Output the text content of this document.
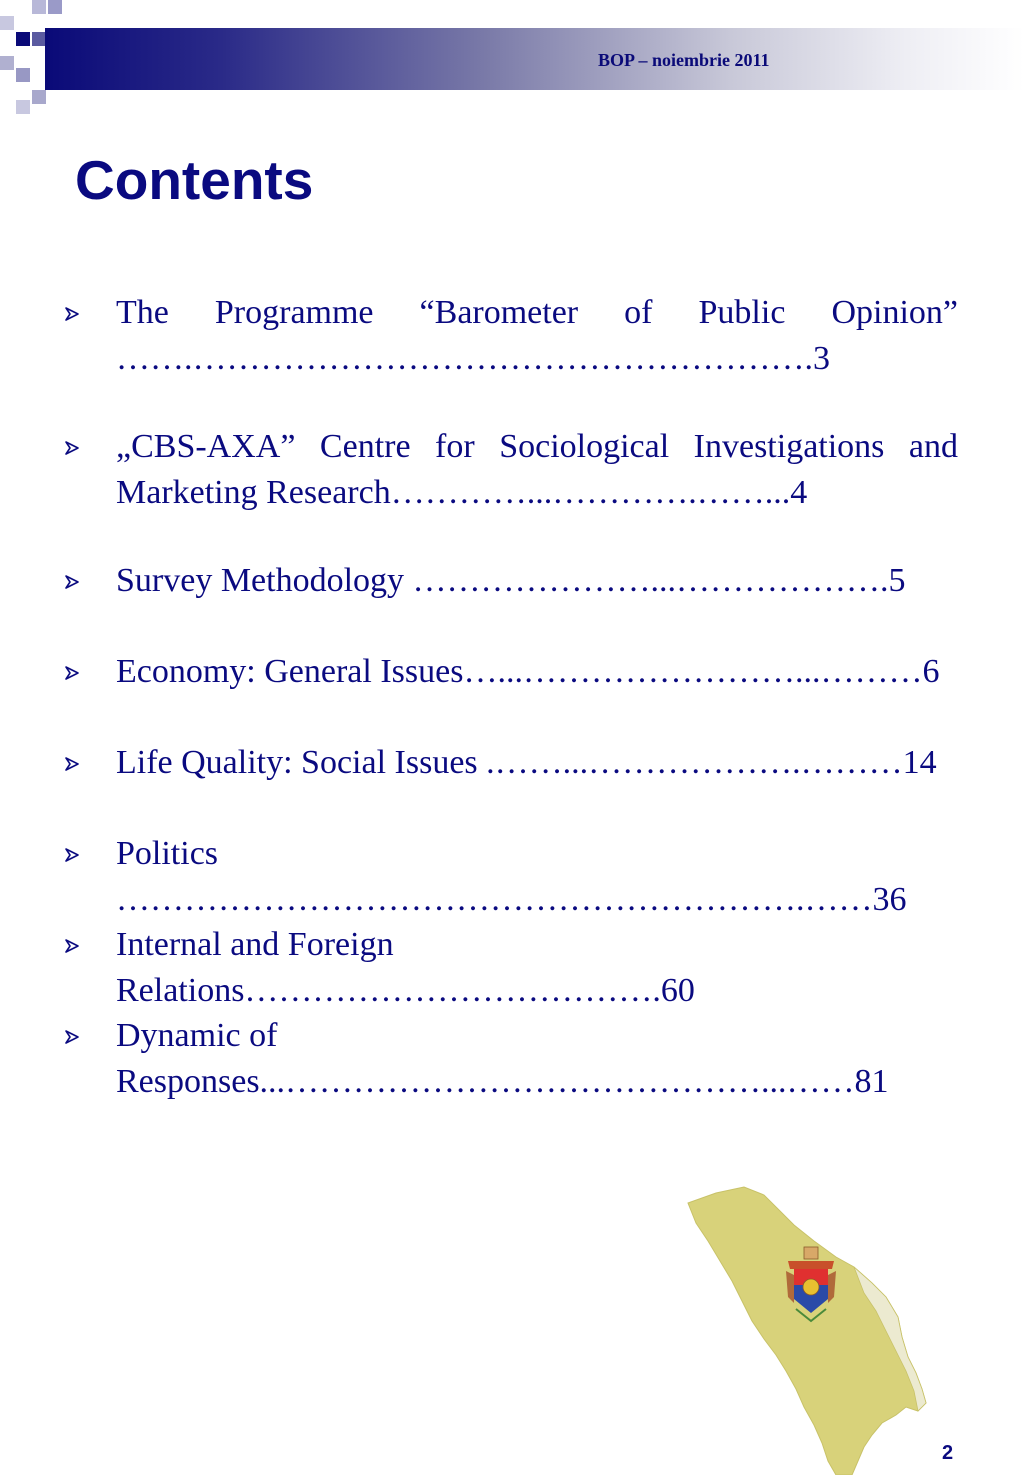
BOP – noiembrie 2011
Contents
The Programme “Barometer of Public Opinion” …….……………………………………………….3
„CBS-AXA” Centre for Sociological Investigations and Marketing Research…………...………….……...4
Survey Methodology …………………...……………….5
Economy: General Issues…...……………………...………6
Life Quality: Social Issues .……...……………….………14
Politics …………………………………………………….……36
Internal and Foreign Relations……………………………….60
Dynamic of Responses...……………………………………...……81
2
